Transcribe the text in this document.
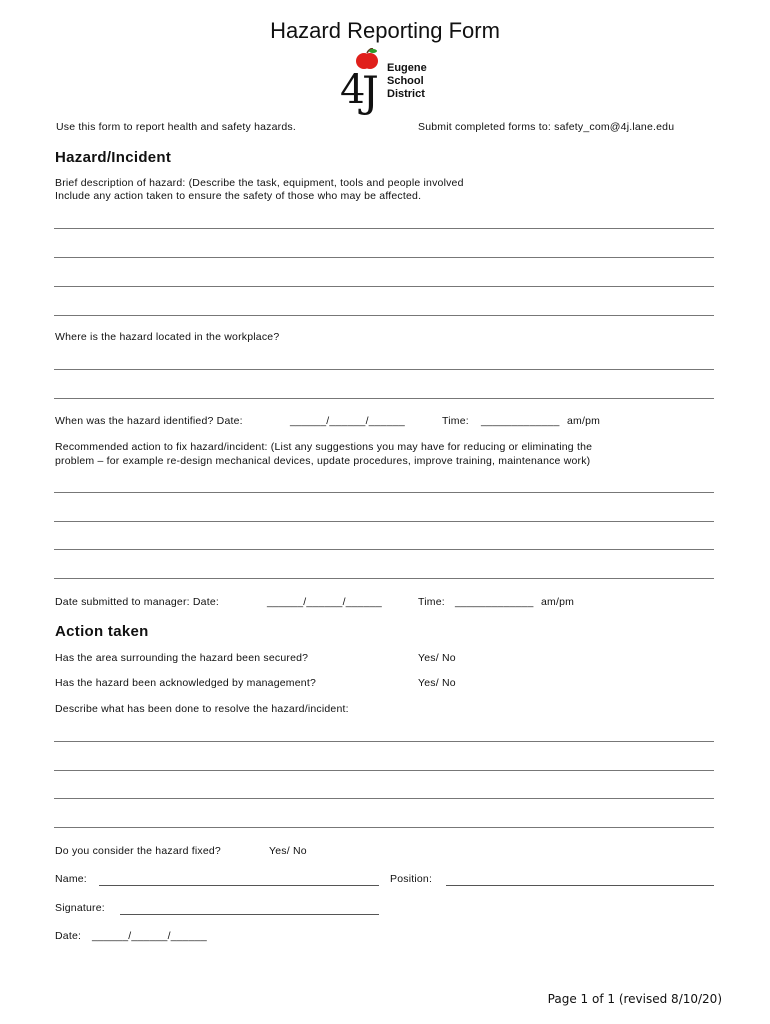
Hazard Reporting Form
4
J Eugene
School
District
Use this form to report health and safety hazards.	Submit completed forms to: safety_com@4j.lane.edu
Hazard/Incident
Brief description of hazard: (Describe the task, equipment, tools and people involved
Include any action taken to ensure the safety of those who may be affected.
Where is the hazard located in the workplace?
When was the hazard identified? Date:	______/______/______	Time: _____________ am/pm
Recommended action to fix hazard/incident: (List any suggestions you may have for reducing or eliminating the
problem – for example re-design mechanical devices, update procedures, improve training, maintenance work)
Date submitted to manager: Date:	______/______/______	Time: _____________ am/pm
Action taken
Has the area surrounding the hazard been secured?	Yes/ No
Has the hazard been acknowledged by management?	Yes/ No
Describe what has been done to resolve the hazard/incident:
Do you consider the hazard fixed?	Yes/ No
Name:	Position:
Signature:
Date: ______/______/______
Page 1 of 1 (revised 8/10/20)
